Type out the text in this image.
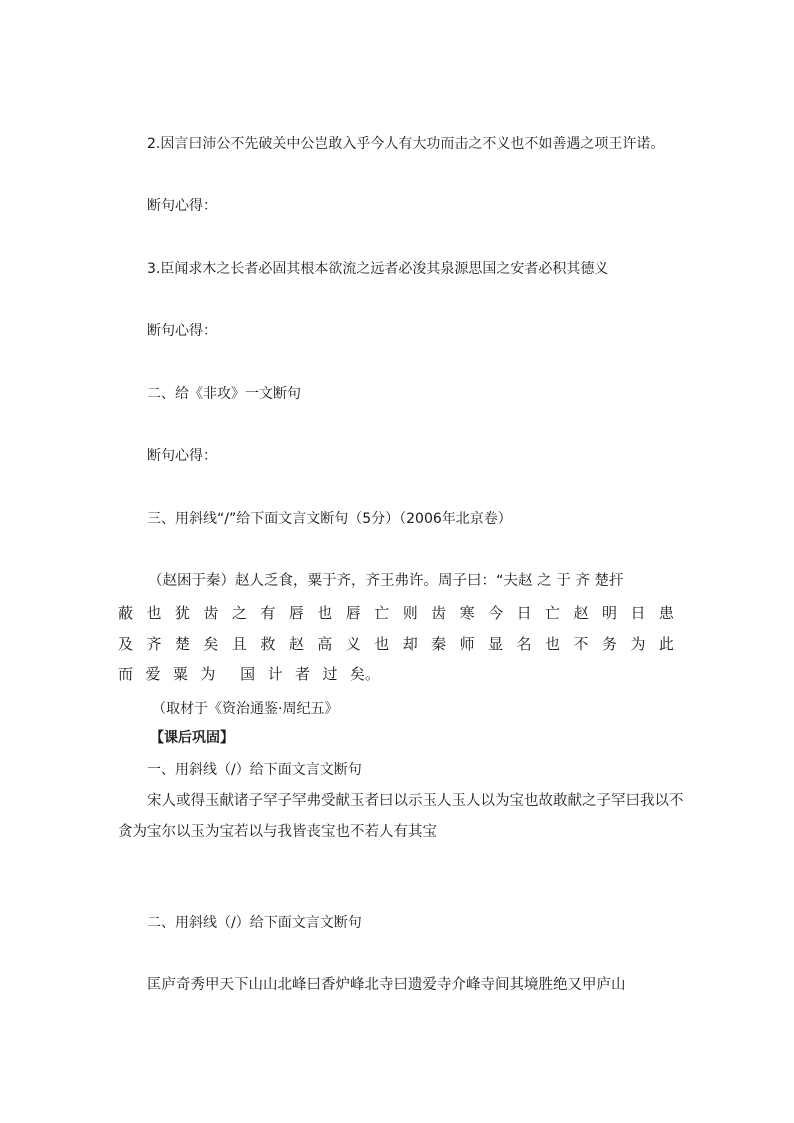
2.因言曰沛公不先破关中公岂敢入乎今人有大功而击之不义也不如善遇之项王许诺。
断句心得：
3.臣闻求木之长者必固其根本欲流之远者必浚其泉源思国之安者必积其德义
断句心得：
二、给《非攻》一文断句
断句心得：
三、用斜线“/”给下面文言文断句（5分）（2006年北京卷）
（赵困于秦）赵人乏食，粟于齐，齐王弗许。周子曰：“夫赵 之 于 齐 楚扞
蔽 也 犹 齿 之 有 唇 也 唇 亡 则 齿 寒 今 日 亡 赵 明 日 患
及 齐 楚 矣 且 救 赵 高 义 也 却 秦 师 显 名 也 不 务 为 此
而 爱 粟 为 国 计 者 过 矣。
（取材于《资治通鉴·周纪五》
【课后巩固】
一、用斜线（/）给下面文言文断句
宋人或得玉献诸子罕子罕弗受献玉者曰以示玉人玉人以为宝也故敢献之子罕曰我以不
贪为宝尔以玉为宝若以与我皆丧宝也不若人有其宝
二、用斜线（/）给下面文言文断句
匡庐奇秀甲天下山山北峰曰香炉峰北寺曰遗爱寺介峰寺间其境胜绝又甲庐山
